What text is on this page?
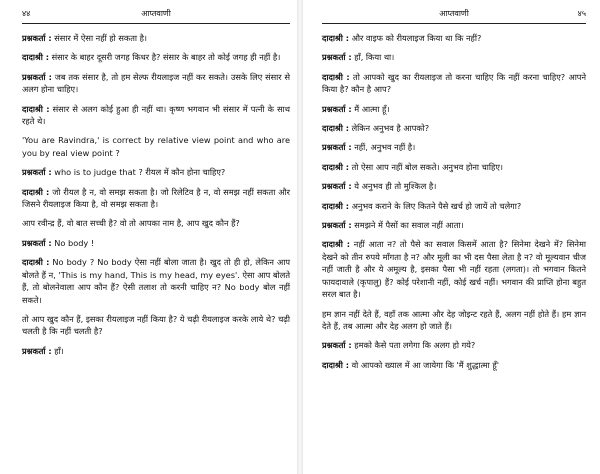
४४	आप्तवाणी

प्रश्नकर्ता : संसार में ऐसा नहीं हो सकता है।

दादाश्री : संसार के बाहर दूसरी जगह किधर है? संसार के बाहर तो कोई जगह ही नहीं है।

प्रश्नकर्ता : जब तक संसार है, तो हम सेल्फ रीयलाइज नहीं कर सकते। उसके लिए संसार से अलग होना चाहिए।

दादाश्री : संसार से अलग कोई हुआ ही नहीं था। कृष्ण भगवान भी संसार में पत्नी के साथ रहते थे।

'You are Ravindra,' is correct by relative view point and who are you by real view point ?

प्रश्नकर्ता : who is to judge that ? रीयल में कौन होना चाहिए?

दादाश्री : जो रीयल है न, वो समझ सकता है। जो रिलेटिव है न, वो समझ नहीं सकता और जिसने रीयलाइज किया है, वो समझ सकता है।

आप रवीन्द्र हैं, वो बात सच्ची है? वो तो आपका नाम है, आप खुद कौन हैं?

प्रश्नकर्ता : No body !

दादाश्री : No body ? No body ऐसा नहीं बोला जाता है। खुद तो ही हो, लेकिन आप बोलते हैं न, 'This is my hand, This is my head, my eyes'. ऐसा आप बोलते हैं, तो बोलनेवाला आप कौन हैं? ऐसी तलाश तो करनी चाहिए न? No body बोल नहीं सकते।

तो आप खुद कौन हैं, इसका रीयलाइज नहीं किया है? ये चढ़ी रीयलाइज करके लाये थे? चढ़ी चलती है कि नहीं चलती है?

प्रश्नकर्ता : हाँ।

आप्तवाणी	४५

दादाश्री : और वाइफ को रीयलाइज किया था कि नहीं?

प्रश्नकर्ता : हाँ, किया था।

दादाश्री : तो आपको खुद का रीयलाइज तो करना चाहिए कि नहीं करना चाहिए? आपने किया है? कौन है आप?

प्रश्नकर्ता : मैं आत्मा हूँ।

दादाश्री : लेकिन अनुभव है आपको?

प्रश्नकर्ता : नहीं, अनुभव नहीं है।

दादाश्री : तो ऐसा आप नहीं बोल सकते। अनुभव होना चाहिए।

प्रश्नकर्ता : ये अनुभव ही तो मुश्किल है।

दादाश्री : अनुभव कराने के लिए कितने पैसे खर्च हो जायें तो चलेगा?

प्रश्नकर्ता : समझने में पैसों का सवाल नहीं आता।

दादाश्री : नहीं आता न? तो पैसे का सवाल किसमें आता है? सिनेमा देखने में? सिनेमा देखने को तीन रुपये माँगता है न? और मूली का भी दस पैसा लेता है न? वो मूल्यवान चीज नहीं जाती है और ये अमूल्य है, इसका पैसा भी नहीं रहता (लगता)। तो भगवान कितने फायदावाले (कृपालु) हैं? कोई परेशानी नहीं, कोई खर्च नहीं। भगवान की प्राप्ति होना बहुत सरल बात है।

हम ज्ञान नहीं देते हैं, वहाँ तक आत्मा और देह जोइन्ट रहते हैं, अलग नहीं होते हैं। हम ज्ञान देते हैं, तब आत्मा और देह अलग हो जाते हैं।

प्रश्नकर्ता : हमको कैसे पता लगेगा कि अलग हो गये?

दादाश्री : वो आपको ख्याल में आ जायेगा कि 'मैं शुद्धात्मा हूँ'
